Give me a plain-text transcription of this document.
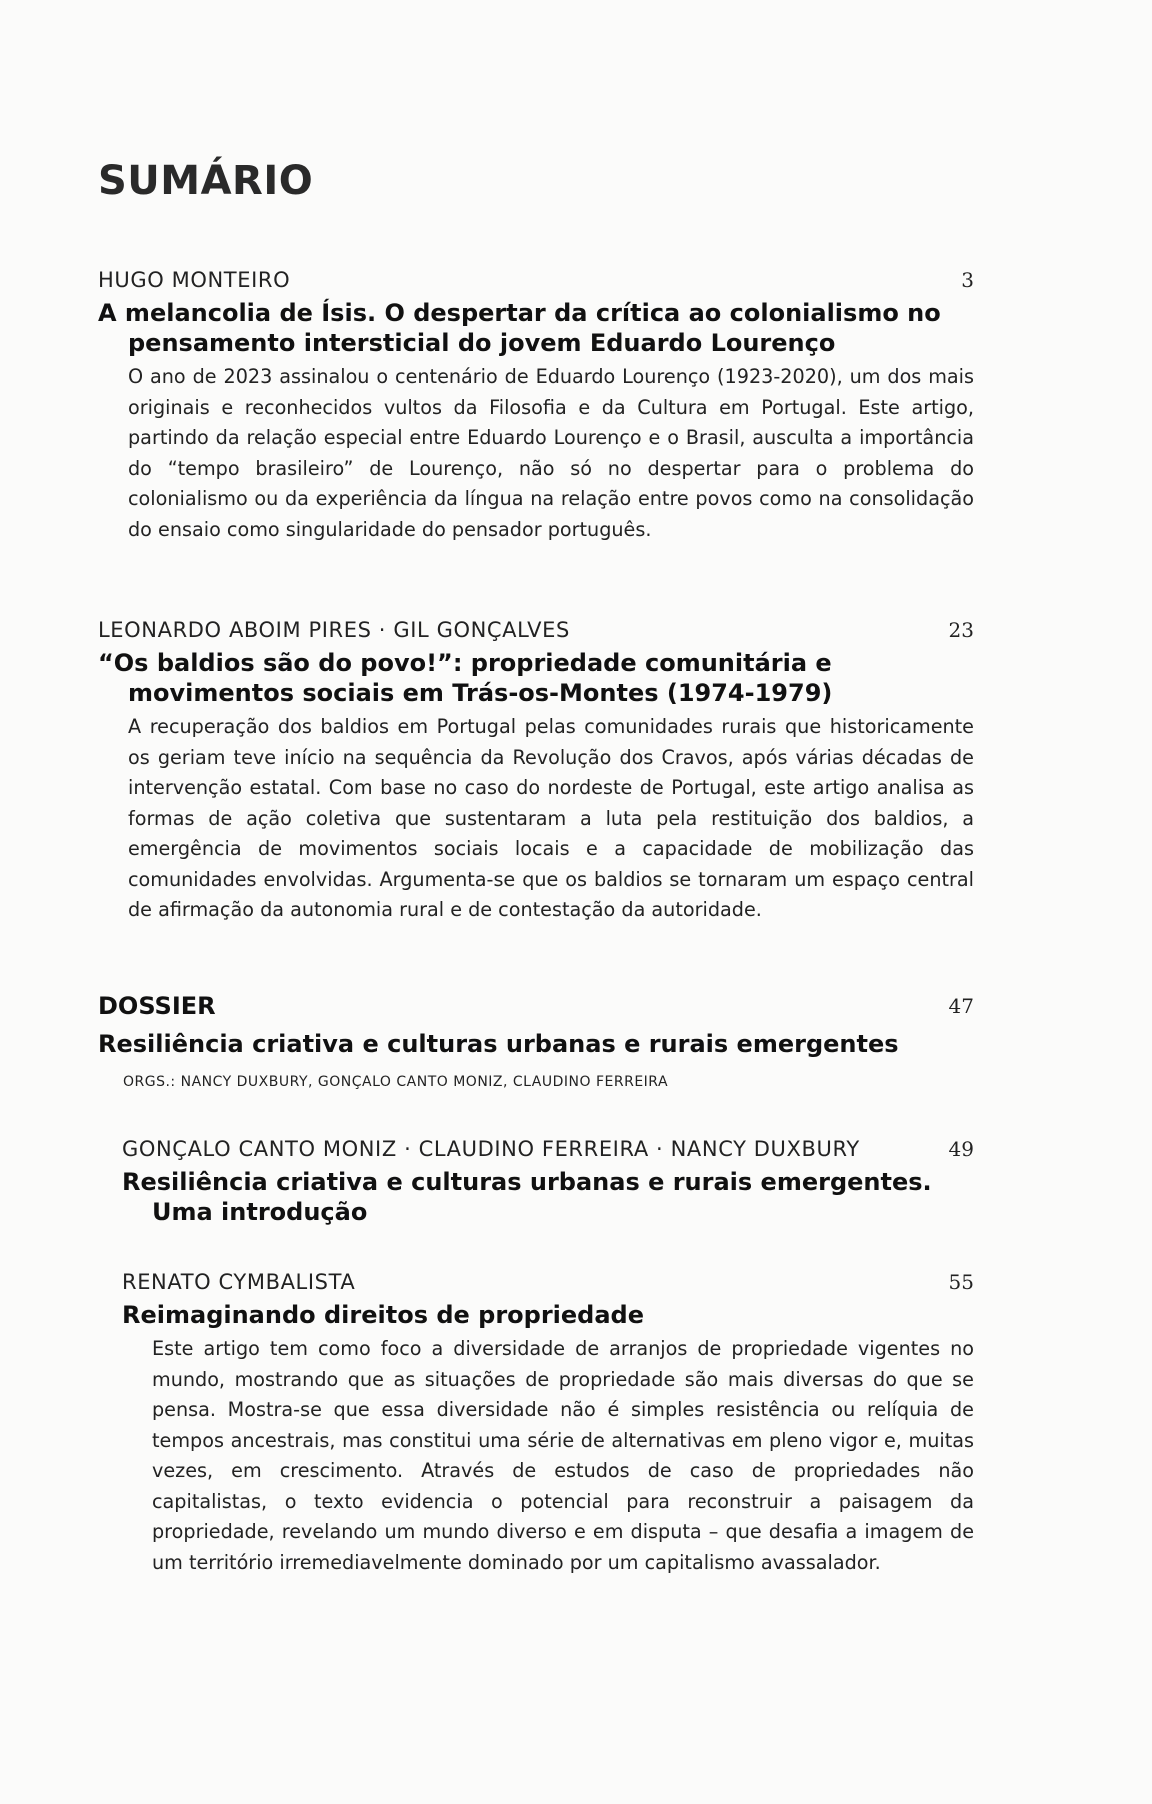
SUMÁRIO
HUGO MONTEIRO	3

A melancolia de Ísis. O despertar da crítica ao colonialismo no pensamento intersticial do jovem Eduardo Lourenço

O ano de 2023 assinalou o centenário de Eduardo Lourenço (1923-2020), um dos mais originais e reconhecidos vultos da Filosofia e da Cultura em Portugal. Este artigo, partindo da relação especial entre Eduardo Lourenço e o Brasil, ausculta a importância do “tempo brasileiro” de Lourenço, não só no despertar para o problema do colonialismo ou da experiência da língua na relação entre povos como na consolidação do ensaio como singularidade do pensador português.

LEONARDO ABOIM PIRES · GIL GONÇALVES	23

“Os baldios são do povo!”: propriedade comunitária e movimentos sociais em Trás-os-Montes (1974-1979)

A recuperação dos baldios em Portugal pelas comunidades rurais que historicamente os geriam teve início na sequência da Revolução dos Cravos, após várias décadas de intervenção estatal. Com base no caso do nordeste de Portugal, este artigo analisa as formas de ação coletiva que sustentaram a luta pela restituição dos baldios, a emergência de movimentos sociais locais e a capacidade de mobilização das comunidades envolvidas. Argumenta-se que os baldios se tornaram um espaço central de afirmação da autonomia rural e de contestação da autoridade.

DOSSIER	47

Resiliência criativa e culturas urbanas e rurais emergentes

ORGS.: NANCY DUXBURY, GONÇALO CANTO MONIZ, CLAUDINO FERREIRA

GONÇALO CANTO MONIZ · CLAUDINO FERREIRA · NANCY DUXBURY	49

Resiliência criativa e culturas urbanas e rurais emergentes. Uma introdução

RENATO CYMBALISTA	55

Reimaginando direitos de propriedade

Este artigo tem como foco a diversidade de arranjos de propriedade vigentes no mundo, mostrando que as situações de propriedade são mais diversas do que se pensa. Mostra-se que essa diversidade não é simples resistência ou relíquia de tempos ancestrais, mas constitui uma série de alternativas em pleno vigor e, muitas vezes, em crescimento. Através de estudos de caso de propriedades não capitalistas, o texto evidencia o potencial para reconstruir a paisagem da propriedade, revelando um mundo diverso e em disputa – que desafia a imagem de um território irremediavelmente dominado por um capitalismo avassalador.
